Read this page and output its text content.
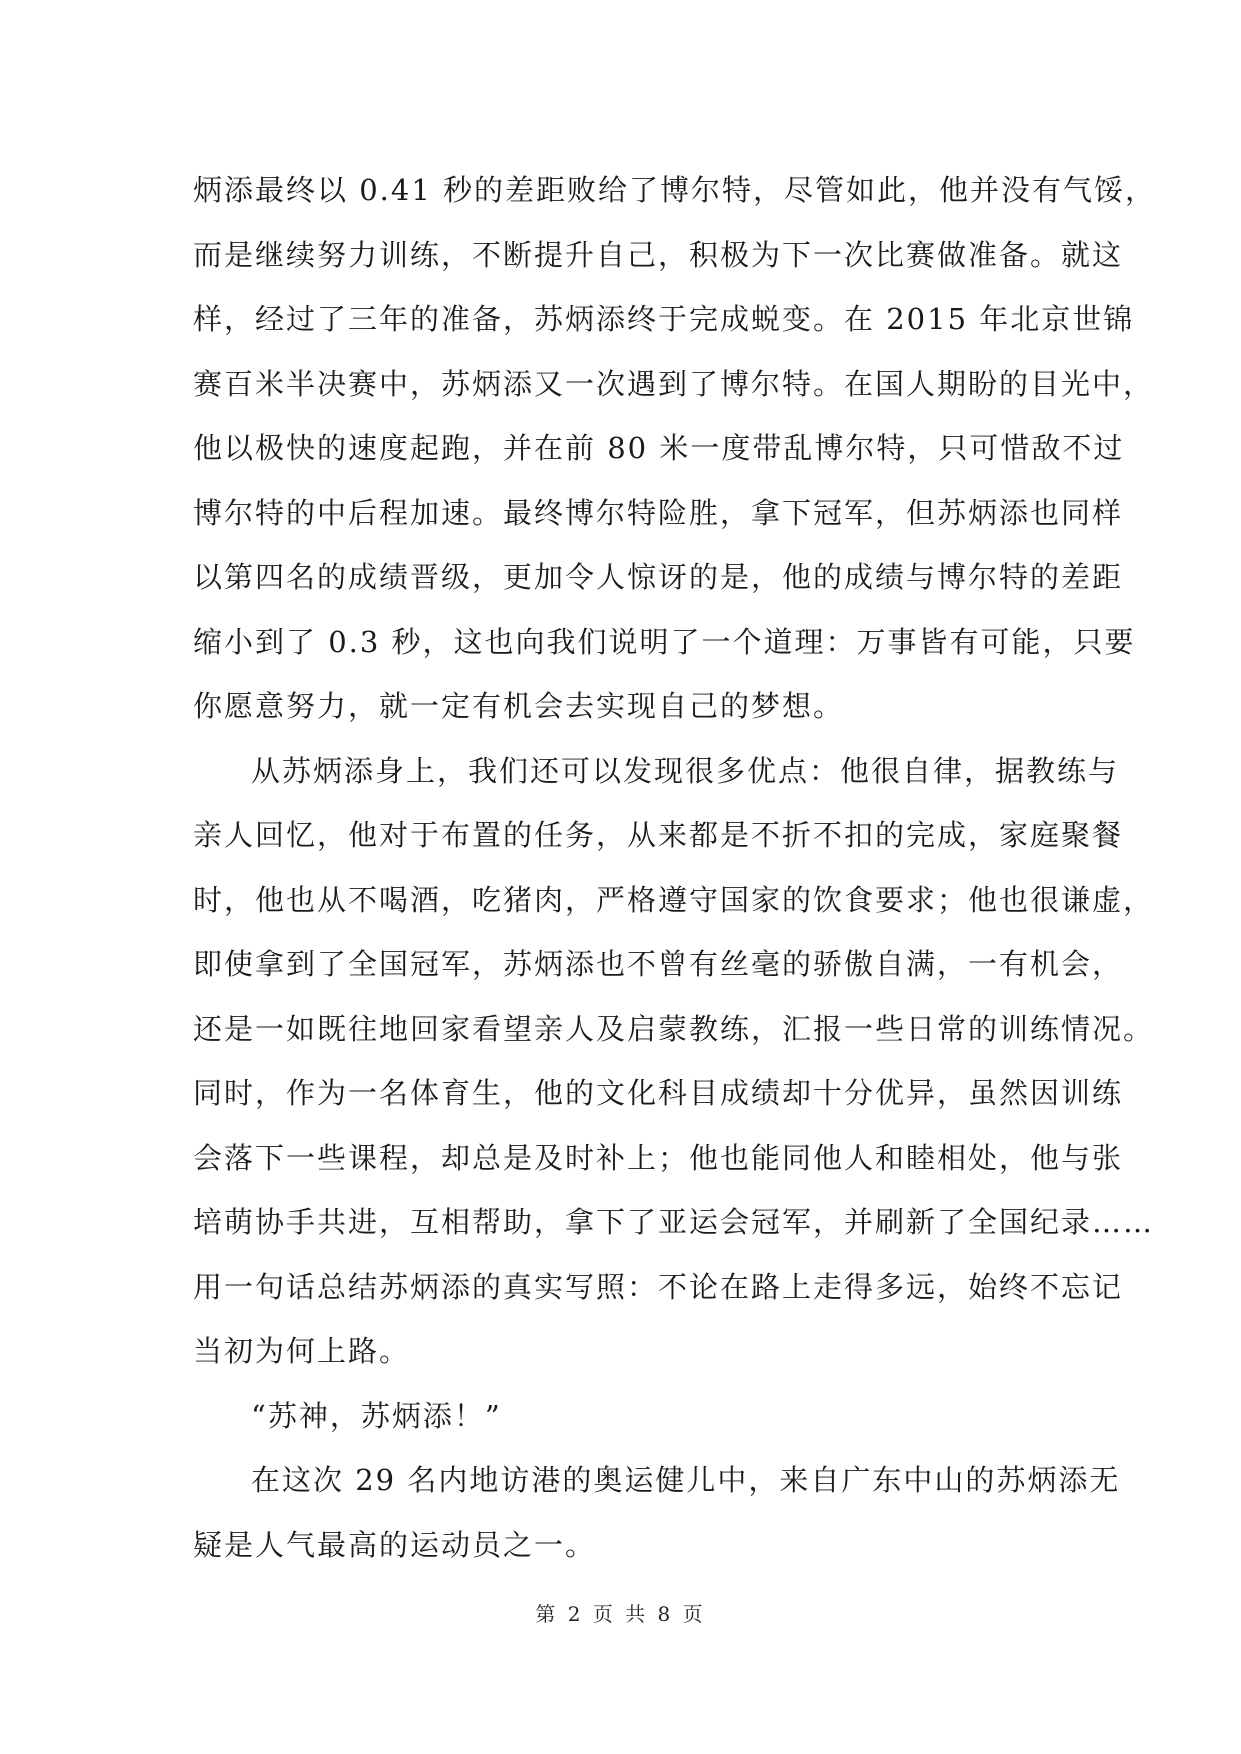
炳添最终以 0.41 秒的差距败给了博尔特，尽管如此，他并没有气馁，
而是继续努力训练，不断提升自己，积极为下一次比赛做准备。就这
样，经过了三年的准备，苏炳添终于完成蜕变。在 2015 年北京世锦
赛百米半决赛中，苏炳添又一次遇到了博尔特。在国人期盼的目光中，
他以极快的速度起跑，并在前 80 米一度带乱博尔特，只可惜敌不过
博尔特的中后程加速。最终博尔特险胜，拿下冠军，但苏炳添也同样
以第四名的成绩晋级，更加令人惊讶的是，他的成绩与博尔特的差距
缩小到了 0.3 秒，这也向我们说明了一个道理：万事皆有可能，只要
你愿意努力，就一定有机会去实现自己的梦想。
从苏炳添身上，我们还可以发现很多优点：他很自律，据教练与
亲人回忆，他对于布置的任务，从来都是不折不扣的完成，家庭聚餐
时，他也从不喝酒，吃猪肉，严格遵守国家的饮食要求；他也很谦虚，
即使拿到了全国冠军，苏炳添也不曾有丝毫的骄傲自满，一有机会，
还是一如既往地回家看望亲人及启蒙教练，汇报一些日常的训练情况。
同时，作为一名体育生，他的文化科目成绩却十分优异，虽然因训练
会落下一些课程，却总是及时补上；他也能同他人和睦相处，他与张
培萌协手共进，互相帮助，拿下了亚运会冠军，并刷新了全国纪录……
用一句话总结苏炳添的真实写照：不论在路上走得多远，始终不忘记
当初为何上路。
“苏神，苏炳添！”
在这次 29 名内地访港的奥运健儿中，来自广东中山的苏炳添无
疑是人气最高的运动员之一。
第 2 页 共 8 页
